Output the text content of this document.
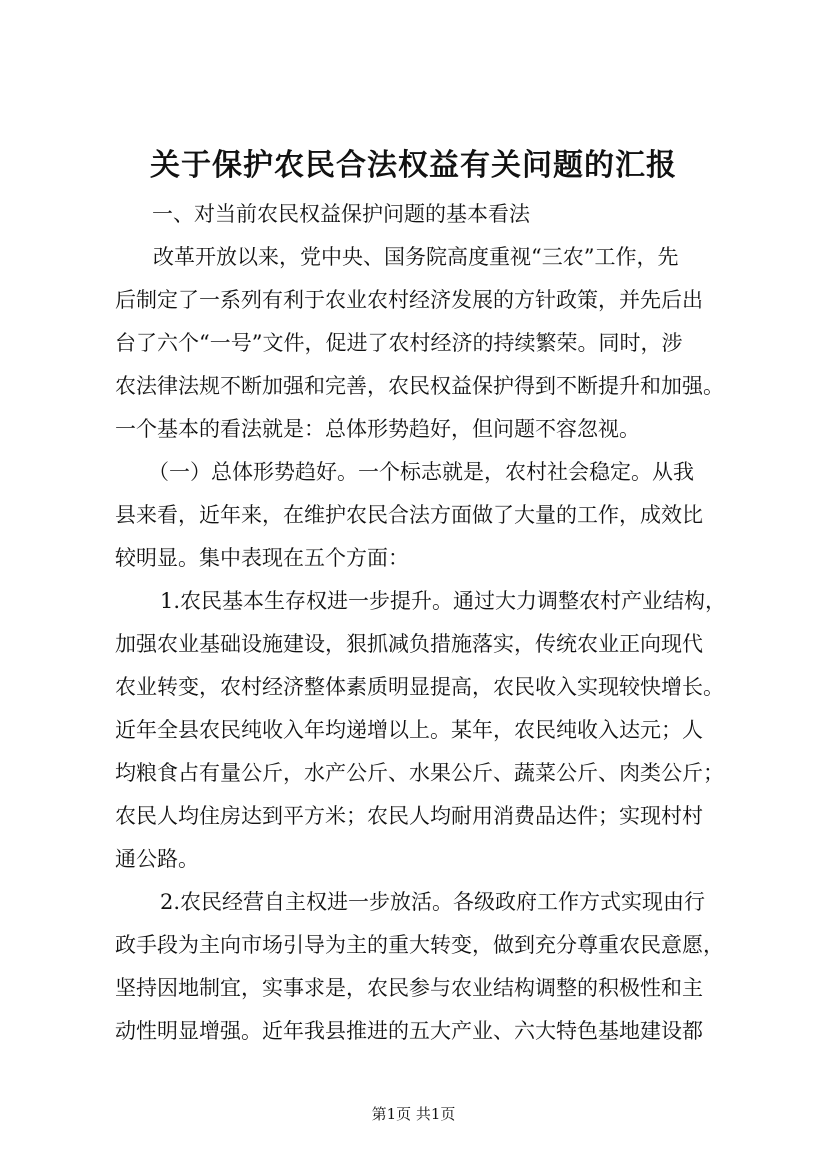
关于保护农民合法权益有关问题的汇报

一、对当前农民权益保护问题的基本看法

改革开放以来，党中央、国务院高度重视“三农”工作，先

后制定了一系列有利于农业农村经济发展的方针政策，并先后出

台了六个“一号”文件，促进了农村经济的持续繁荣。同时，涉

农法律法规不断加强和完善，农民权益保护得到不断提升和加强。

一个基本的看法就是：总体形势趋好，但问题不容忽视。

（一）总体形势趋好。一个标志就是，农村社会稳定。从我

县来看，近年来，在维护农民合法方面做了大量的工作，成效比

较明显。集中表现在五个方面：

1.农民基本生存权进一步提升。通过大力调整农村产业结构，

加强农业基础设施建设，狠抓减负措施落实，传统农业正向现代

农业转变，农村经济整体素质明显提高，农民收入实现较快增长。

近年全县农民纯收入年均递增以上。某年，农民纯收入达元；人

均粮食占有量公斤，水产公斤、水果公斤、蔬菜公斤、肉类公斤；

农民人均住房达到平方米；农民人均耐用消费品达件；实现村村

通公路。

2.农民经营自主权进一步放活。各级政府工作方式实现由行

政手段为主向市场引导为主的重大转变，做到充分尊重农民意愿，

坚持因地制宜，实事求是，农民参与农业结构调整的积极性和主

动性明显增强。近年我县推进的五大产业、六大特色基地建设都

第1页 共1页
